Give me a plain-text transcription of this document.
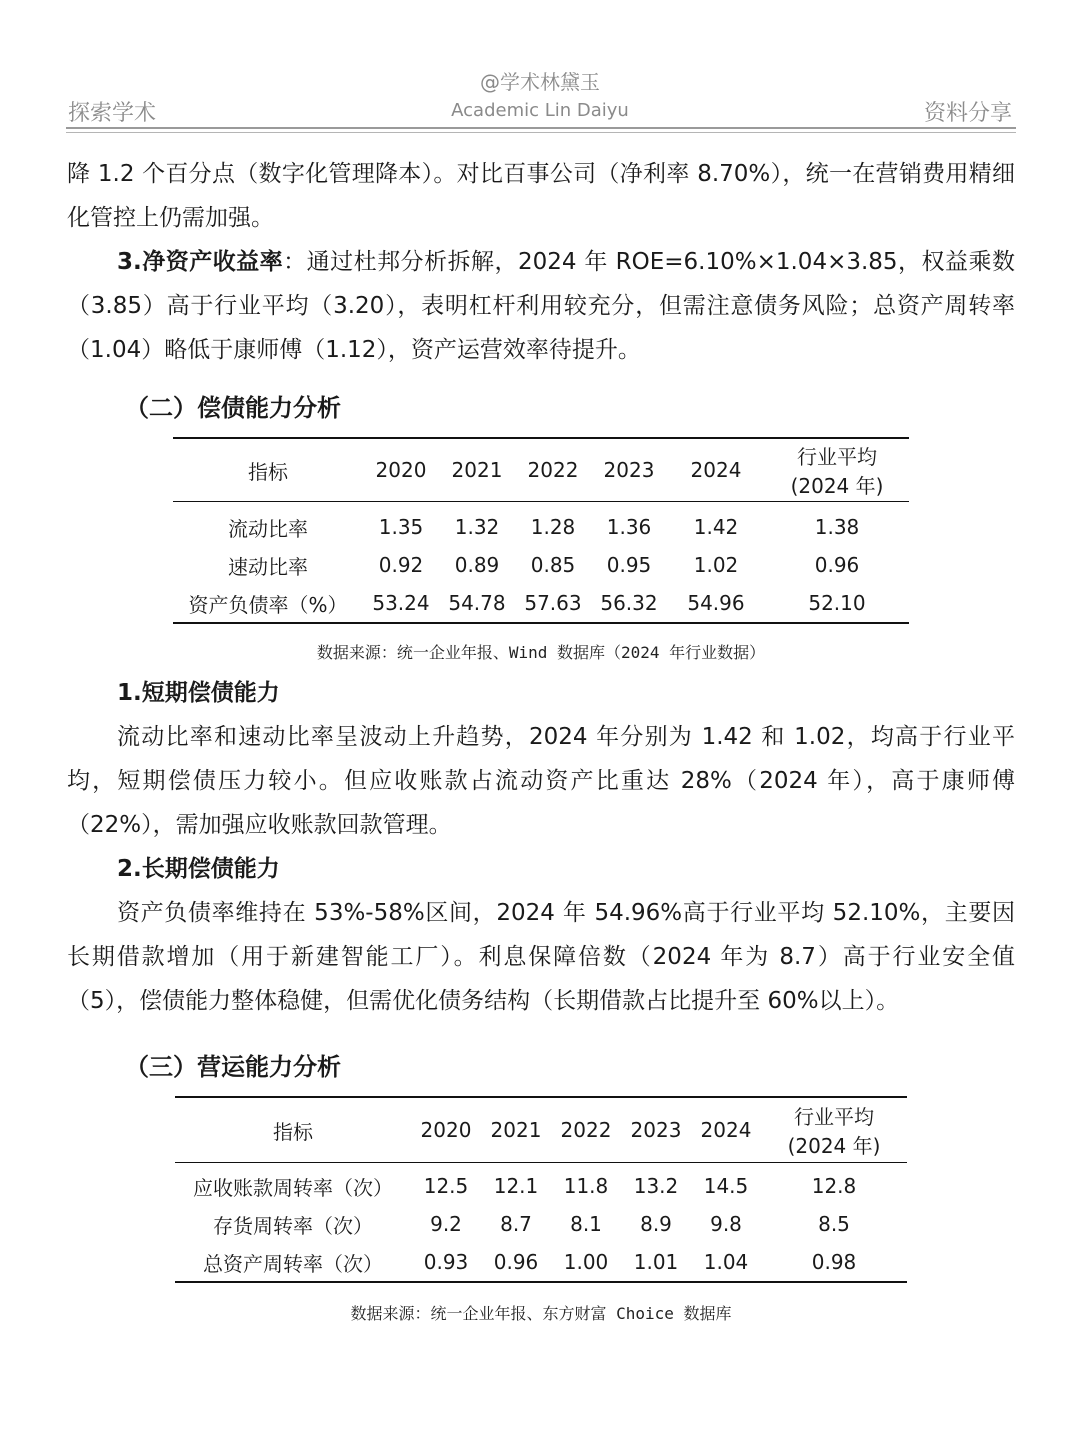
@学术林黛玉
探索学术	Academic Lin Daiyu	资料分享

降 1.2 个百分点（数字化管理降本）。对比百事公司（净利率 8.70%），统一在营销费用精细化管控上仍需加强。

3.净资产收益率：通过杜邦分析拆解，2024 年 ROE=6.10%×1.04×3.85，权益乘数（3.85）高于行业平均（3.20），表明杠杆利用较充分，但需注意债务风险；总资产周转率（1.04）略低于康师傅（1.12），资产运营效率待提升。

（二）偿债能力分析
指标	2020	2021	2022	2023	2024	行业平均
(2024 年)

流动比率	1.35	1.32	1.28	1.36	1.42	1.38
速动比率	0.92	0.89	0.85	0.95	1.02	0.96
资产负债率（%）	53.24	54.78	57.63	56.32	54.96	52.10
数据来源：统一企业年报、Wind 数据库（2024 年行业数据）
1.短期偿债能力

流动比率和速动比率呈波动上升趋势，2024 年分别为 1.42 和 1.02，均高于行业平均，短期偿债压力较小。但应收账款占流动资产比重达 28%（2024 年），高于康师傅（22%），需加强应收账款回款管理。

2.长期偿债能力

资产负债率维持在 53%-58%区间，2024 年 54.96%高于行业平均 52.10%，主要因长期借款增加（用于新建智能工厂）。利息保障倍数（2024 年为 8.7）高于行业安全值（5），偿债能力整体稳健，但需优化债务结构（长期借款占比提升至 60%以上）。

（三）营运能力分析
指标	2020	2021	2022	2023	2024	行业平均
(2024 年)

应收账款周转率（次）	12.5	12.1	11.8	13.2	14.5	12.8
存货周转率（次）	9.2	8.7	8.1	8.9	9.8	8.5
总资产周转率（次）	0.93	0.96	1.00	1.01	1.04	0.98
数据来源：统一企业年报、东方财富 Choice 数据库
